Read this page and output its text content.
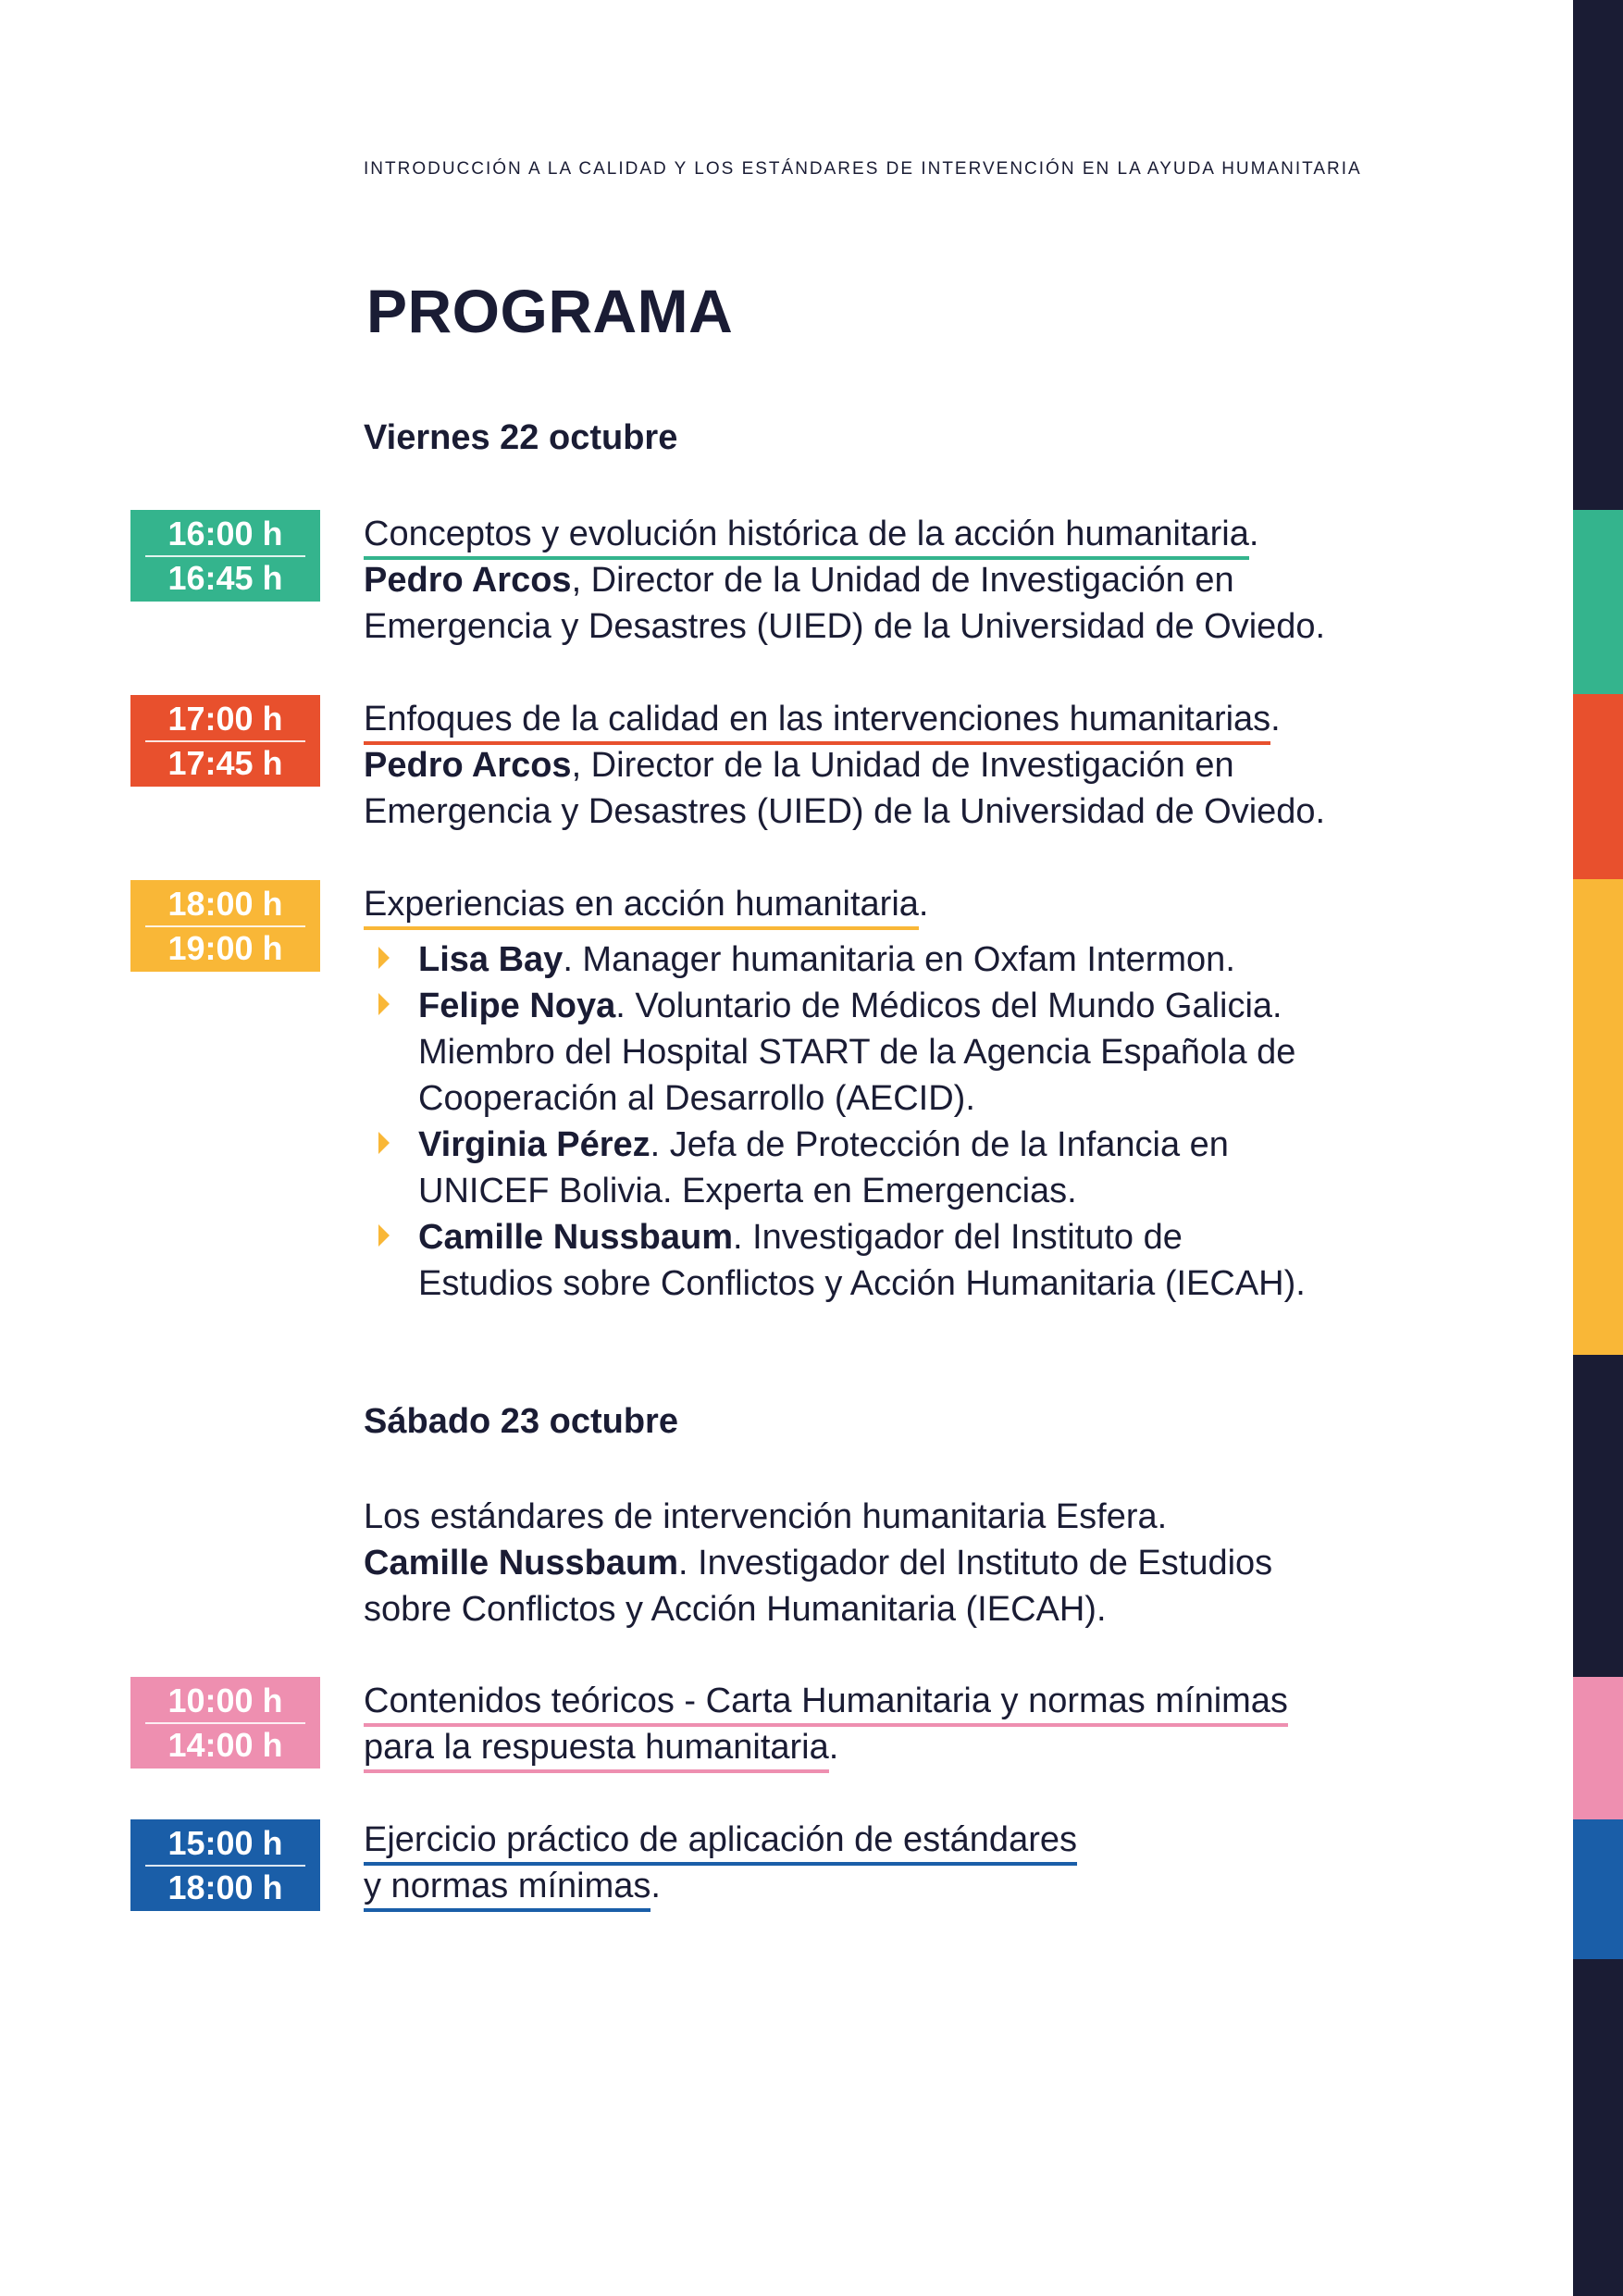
INTRODUCCIÓN A LA CALIDAD Y LOS ESTÁNDARES DE INTERVENCIÓN EN LA AYUDA HUMANITARIA
PROGRAMA
Viernes 22 octubre
16:00 h
16:45 h

Conceptos y evolución histórica de la acción humanitaria.

Pedro Arcos, Director de la Unidad de Investigación en

Emergencia y Desastres (UIED) de la Universidad de Oviedo.

17:00 h
17:45 h

Enfoques de la calidad en las intervenciones humanitarias.

Pedro Arcos, Director de la Unidad de Investigación en

Emergencia y Desastres (UIED) de la Universidad de Oviedo.

18:00 h
19:00 h

Experiencias en acción humanitaria.

Lisa Bay. Manager humanitaria en Oxfam Intermon.
Felipe Noya. Voluntario de Médicos del Mundo Galicia.
Miembro del Hospital START de la Agencia Española de
Cooperación al Desarrollo (AECID).
Virginia Pérez. Jefa de Protección de la Infancia en
UNICEF Bolivia. Experta en Emergencias.
Camille Nussbaum. Investigador del Instituto de
Estudios sobre Conflictos y Acción Humanitaria (IECAH).
Sábado 23 octubre

Los estándares de intervención humanitaria Esfera.

Camille Nussbaum. Investigador del Instituto de Estudios

sobre Conflictos y Acción Humanitaria (IECAH).

10:00 h
14:00 h

Contenidos teóricos - Carta Humanitaria y normas mínimas

para la respuesta humanitaria.

15:00 h
18:00 h

Ejercicio práctico de aplicación de estándares

y normas mínimas.
